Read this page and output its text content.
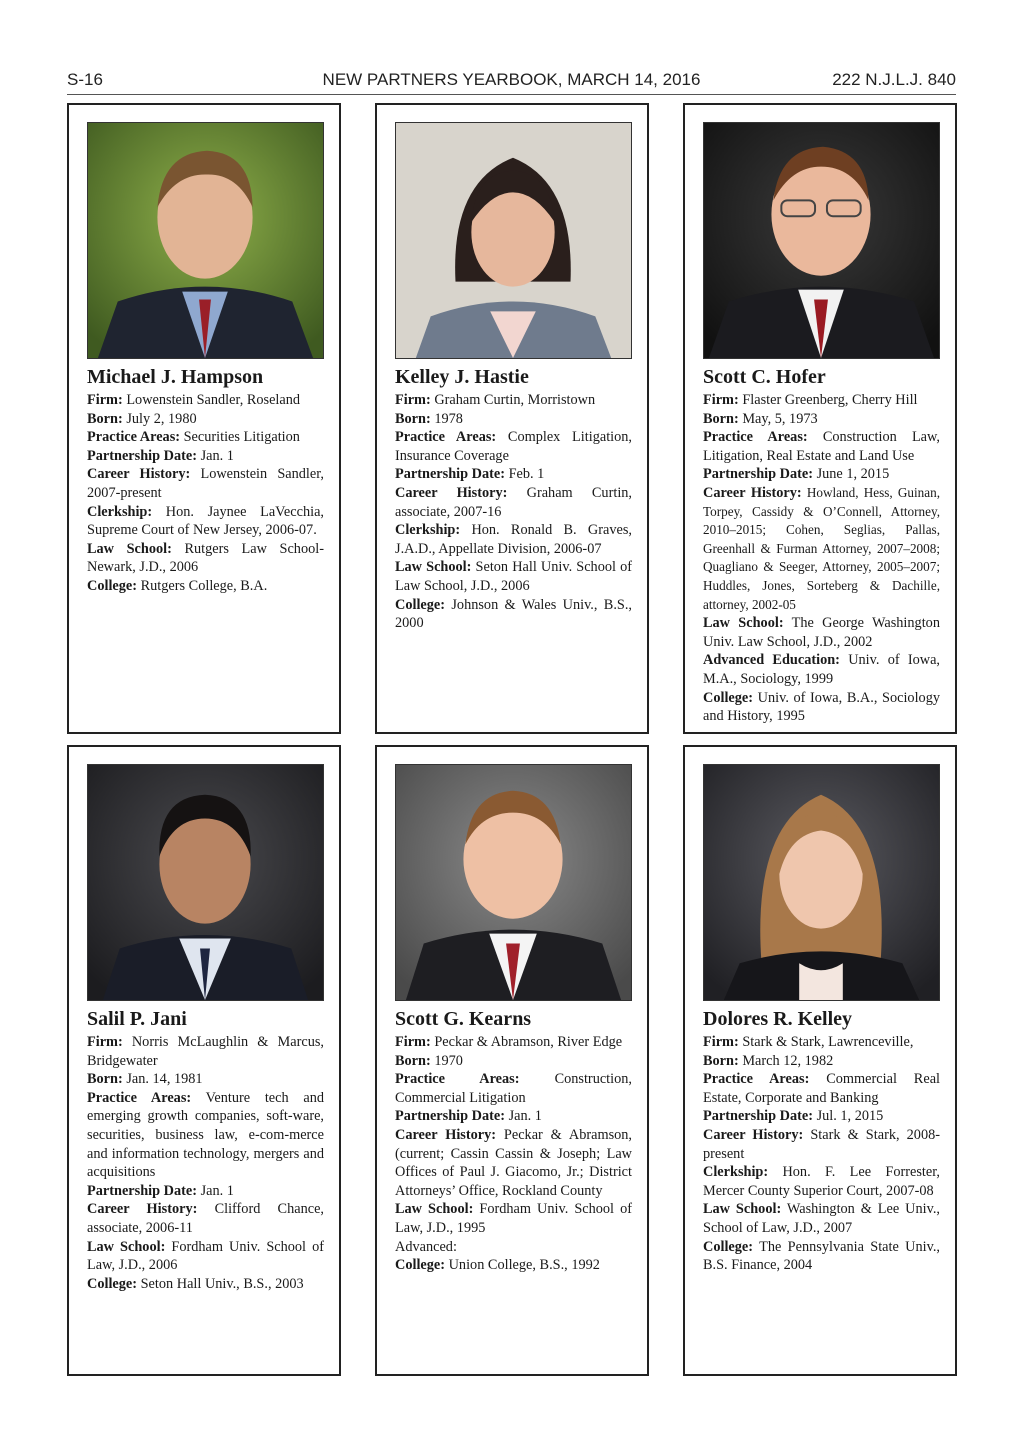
S-16	NEW PARTNERS YEARBOOK, MARCH 14, 2016	222 N.J.L.J. 840
Michael J. Hampson
Firm: Lowenstein Sandler, Roseland
Born: July 2, 1980
Practice Areas: Securities Litigation
Partnership Date: Jan. 1
Career History: Lowenstein Sandler, 2007-present
Clerkship: Hon. Jaynee LaVecchia, Supreme Court of New Jersey, 2006-07.
Law School: Rutgers Law School-Newark, J.D., 2006
College: Rutgers College, B.A.
Kelley J. Hastie
Firm: Graham Curtin, Morristown
Born: 1978
Practice Areas: Complex Litigation, Insurance Coverage
Partnership Date: Feb. 1
Career History: Graham Curtin, associate, 2007-16
Clerkship: Hon. Ronald B. Graves, J.A.D., Appellate Division, 2006-07
Law School: Seton Hall Univ. School of Law School, J.D., 2006
College: Johnson & Wales Univ., B.S., 2000
Scott C. Hofer
Firm: Flaster Greenberg, Cherry Hill
Born: May, 5, 1973
Practice Areas: Construction Law, Litigation, Real Estate and Land Use
Partnership Date: June 1, 2015
Career History: Howland, Hess, Guinan, Torpey, Cassidy & O’Connell, Attorney, 2010–2015; Cohen, Seglias, Pallas, Greenhall & Furman Attorney, 2007–2008; Quagliano & Seeger, Attorney, 2005–2007; Huddles, Jones, Sorteberg & Dachille, attorney, 2002-05
Law School: The George Washington Univ. Law School, J.D., 2002
Advanced Education: Univ. of Iowa, M.A., Sociology, 1999
College: Univ. of Iowa, B.A., Sociology and History, 1995
Salil P. Jani
Firm: Norris McLaughlin & Marcus, Bridgewater
Born: Jan. 14, 1981
Practice Areas: Venture tech and emerging growth companies, soft-ware, securities, business law, e-com-merce and information technology, mergers and acquisitions
Partnership Date: Jan. 1
Career History: Clifford Chance, associate, 2006-11
Law School: Fordham Univ. School of Law, J.D., 2006
College: Seton Hall Univ., B.S., 2003
Scott G. Kearns
Firm: Peckar & Abramson, River Edge
Born: 1970
Practice Areas: Construction, Commercial Litigation
Partnership Date: Jan. 1
Career History: Peckar & Abramson,(current; Cassin Cassin & Joseph; Law Offices of Paul J. Giacomo, Jr.; District Attorneys’ Office, Rockland County
Law School: Fordham Univ. School of Law, J.D., 1995
Advanced:
College: Union College, B.S., 1992
Dolores R. Kelley
Firm: Stark & Stark, Lawrenceville,
Born: March 12, 1982
Practice Areas: Commercial Real Estate, Corporate and Banking
Partnership Date: Jul. 1, 2015
Career History: Stark & Stark, 2008-present
Clerkship: Hon. F. Lee Forrester, Mercer County Superior Court, 2007-08
Law School: Washington & Lee Univ., School of Law, J.D., 2007
College: The Pennsylvania State Univ., B.S. Finance, 2004
